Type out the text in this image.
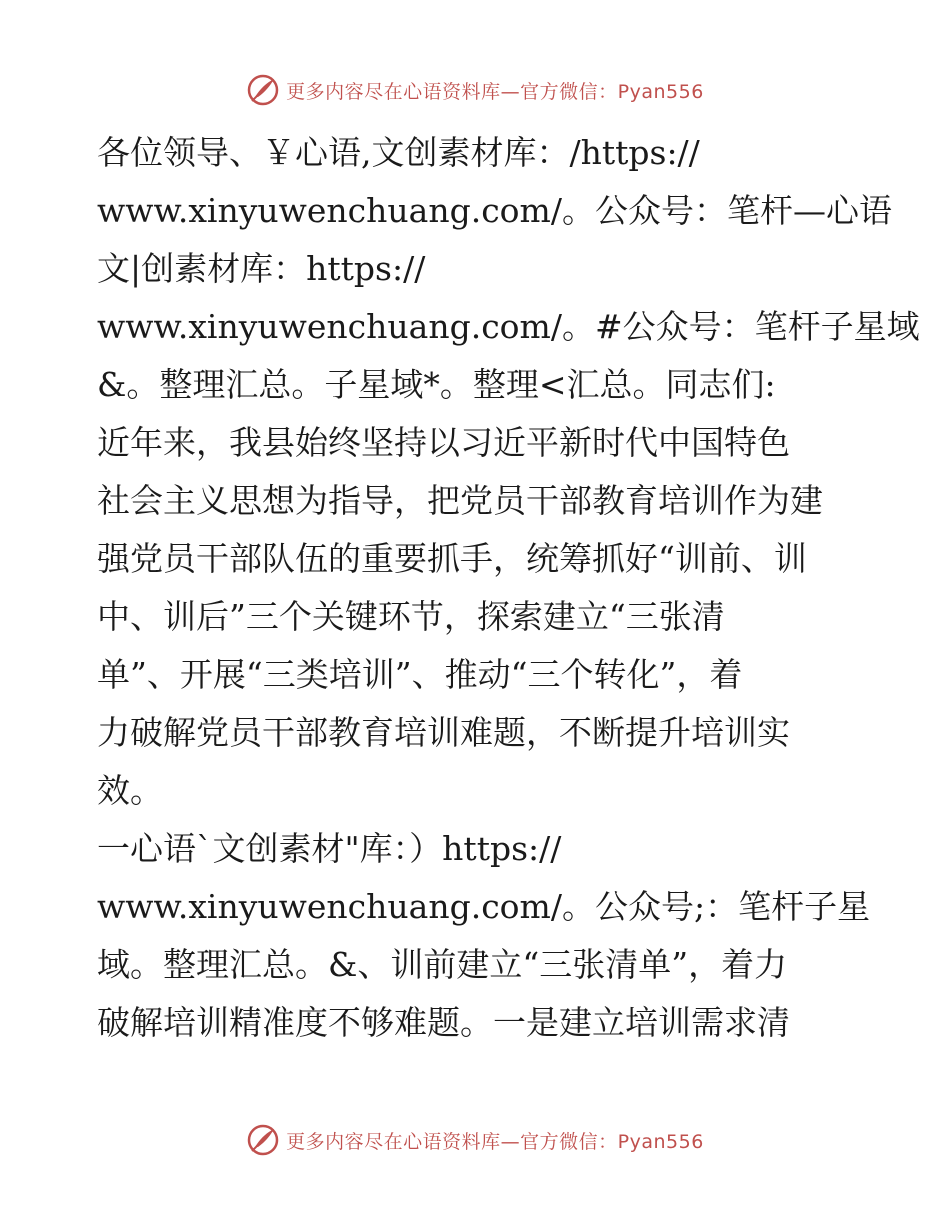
更多内容尽在心语资料库—官方微信：Pyan556

各位领导、￥心语,文创素材库：/https://
www.xinyuwenchuang.com/。公众号：笔杆—心语
文|创素材库：https://
www.xinyuwenchuang.com/。#公众号：笔杆子星域
&。整理汇总。子星域*。整理<汇总。同志们:

近年来，我县始终坚持以习近平新时代中国特色
社会主义思想为指导，把党员干部教育培训作为建
强党员干部队伍的重要抓手，统筹抓好“训前、训
中、训后”三个关键环节，探索建立“三张清
单”、开展“三类培训”、推动“三个转化”，着
力破解党员干部教育培训难题，不断提升培训实
效。

一心语`文创素材"库：）https://
www.xinyuwenchuang.com/。公众号;：笔杆子星
域。整理汇总。&、训前建立“三张清单”，着力
破解培训精准度不够难题。一是建立培训需求清

更多内容尽在心语资料库—官方微信：Pyan556
